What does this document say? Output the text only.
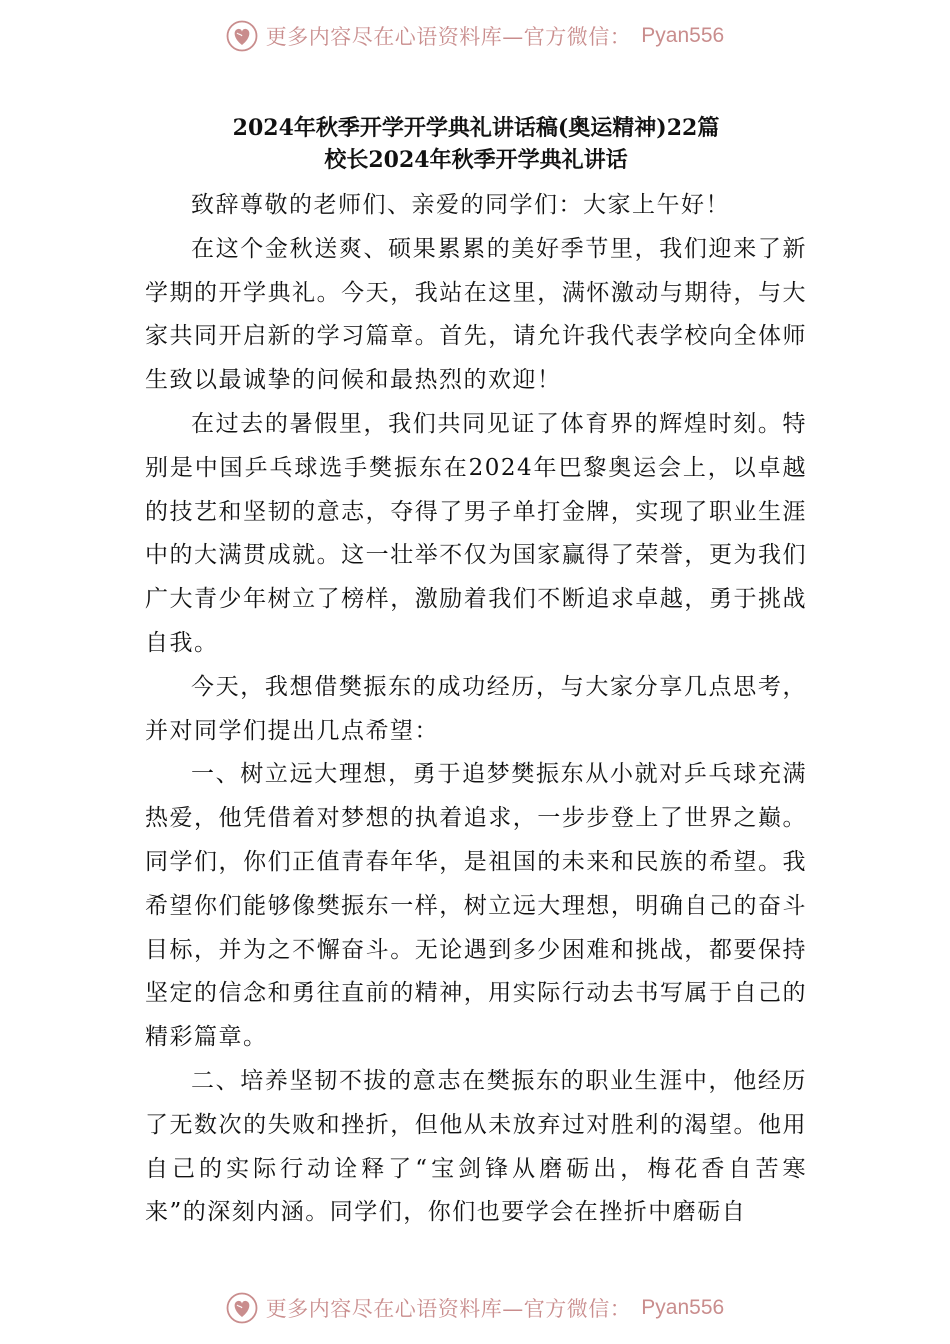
更多内容尽在心语资料库—官方微信： Pyan556

2024年秋季开学开学典礼讲话稿(奥运精神)22篇

校长2024年秋季开学典礼讲话

致辞尊敬的老师们、亲爱的同学们：大家上午好！

在这个金秋送爽、硕果累累的美好季节里，我们迎来了新学期的开学典礼。今天，我站在这里，满怀激动与期待，与大家共同开启新的学习篇章。首先，请允许我代表学校向全体师生致以最诚挚的问候和最热烈的欢迎！

在过去的暑假里，我们共同见证了体育界的辉煌时刻。特别是中国乒乓球选手樊振东在2024年巴黎奥运会上，以卓越的技艺和坚韧的意志，夺得了男子单打金牌，实现了职业生涯中的大满贯成就。这一壮举不仅为国家赢得了荣誉，更为我们广大青少年树立了榜样，激励着我们不断追求卓越，勇于挑战自我。

今天，我想借樊振东的成功经历，与大家分享几点思考，并对同学们提出几点希望：

一、树立远大理想，勇于追梦樊振东从小就对乒乓球充满热爱，他凭借着对梦想的执着追求，一步步登上了世界之巅。同学们，你们正值青春年华，是祖国的未来和民族的希望。我希望你们能够像樊振东一样，树立远大理想，明确自己的奋斗目标，并为之不懈奋斗。无论遇到多少困难和挑战，都要保持坚定的信念和勇往直前的精神，用实际行动去书写属于自己的精彩篇章。

二、培养坚韧不拔的意志在樊振东的职业生涯中，他经历了无数次的失败和挫折，但他从未放弃过对胜利的渴望。他用自己的实际行动诠释了“宝剑锋从磨砺出，梅花香自苦寒来”的深刻内涵。同学们，你们也要学会在挫折中磨砺自

更多内容尽在心语资料库—官方微信： Pyan556
